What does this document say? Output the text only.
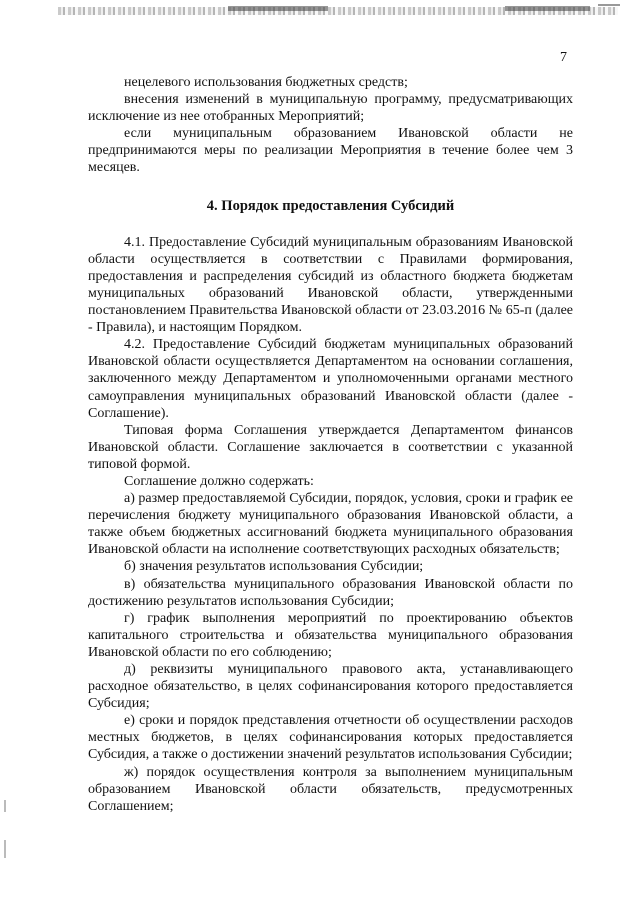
7

нецелевого использования бюджетных средств;

внесения изменений в муниципальную программу, предусматривающих исключение из нее отобранных Мероприятий;

если муниципальным образованием Ивановской области не предпринимаются меры по реализации Мероприятия в течение более чем 3 месяцев.

4. Порядок предоставления Субсидий

4.1. Предоставление Субсидий муниципальным образованиям Ивановской области осуществляется в соответствии с Правилами формирования, предоставления и распределения субсидий из областного бюджета бюджетам муниципальных образований Ивановской области, утвержденными постановлением Правительства Ивановской области от 23.03.2016 № 65-п (далее - Правила), и настоящим Порядком.

4.2. Предоставление Субсидий бюджетам муниципальных образований Ивановской области осуществляется Департаментом на основании соглашения, заключенного между Департаментом и уполномоченными органами местного самоуправления муниципальных образований Ивановской области (далее - Соглашение).

Типовая форма Соглашения утверждается Департаментом финансов Ивановской области. Соглашение заключается в соответствии с указанной типовой формой.

Соглашение должно содержать:

а) размер предоставляемой Субсидии, порядок, условия, сроки и график ее перечисления бюджету муниципального образования Ивановской области, а также объем бюджетных ассигнований бюджета муниципального образования Ивановской области на исполнение соответствующих расходных обязательств;

б) значения результатов использования Субсидии;

в) обязательства муниципального образования Ивановской области по достижению результатов использования Субсидии;

г) график выполнения мероприятий по проектированию объектов капитального строительства и обязательства муниципального образования Ивановской области по его соблюдению;

д) реквизиты муниципального правового акта, устанавливающего расходное обязательство, в целях софинансирования которого предоставляется Субсидия;

е) сроки и порядок представления отчетности об осуществлении расходов местных бюджетов, в целях софинансирования которых предоставляется Субсидия, а также о достижении значений результатов использования Субсидии;

ж) порядок осуществления контроля за выполнением муниципальным образованием Ивановской области обязательств, предусмотренных Соглашением;
